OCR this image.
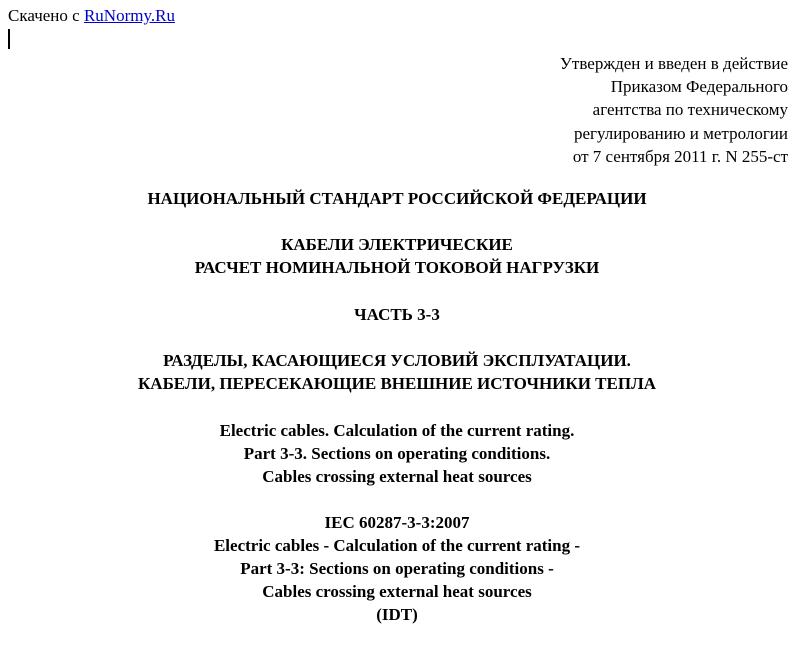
Скачено с RuNormy.Ru
Утвержден и введен в действие
Приказом Федерального
агентства по техническому
регулированию и метрологии
от 7 сентября 2011 г. N 255-ст
НАЦИОНАЛЬНЫЙ СТАНДАРТ РОССИЙСКОЙ ФЕДЕРАЦИИ
КАБЕЛИ ЭЛЕКТРИЧЕСКИЕ
РАСЧЕТ НОМИНАЛЬНОЙ ТОКОВОЙ НАГРУЗКИ
ЧАСТЬ 3-3
РАЗДЕЛЫ, КАСАЮЩИЕСЯ УСЛОВИЙ ЭКСПЛУАТАЦИИ.
КАБЕЛИ, ПЕРЕСЕКАЮЩИЕ ВНЕШНИЕ ИСТОЧНИКИ ТЕПЛА
Electric cables. Calculation of the current rating.
Part 3-3. Sections on operating conditions.
Cables crossing external heat sources
IEC 60287-3-3:2007
Electric cables - Calculation of the current rating -
Part 3-3: Sections on operating conditions -
Cables crossing external heat sources
(IDT)
